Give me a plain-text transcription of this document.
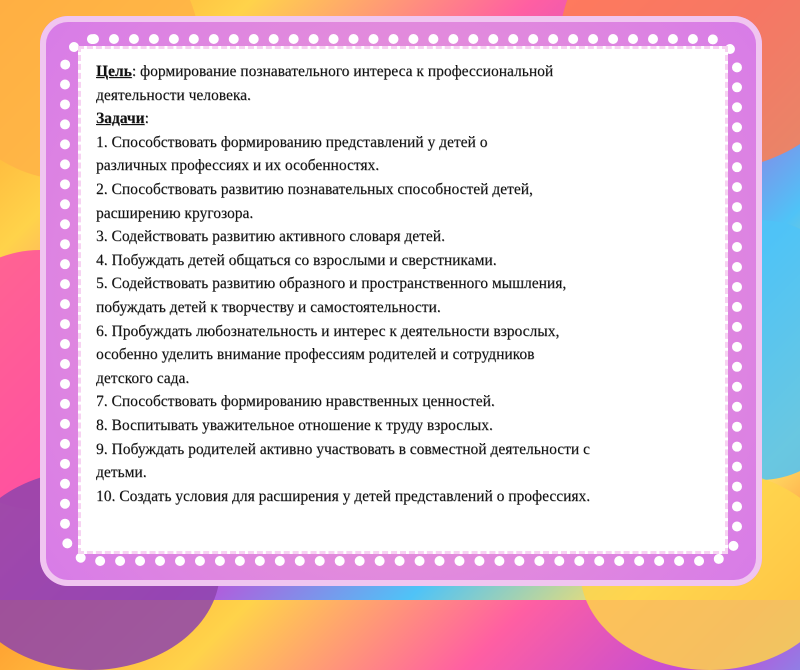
Цель: формирование познавательного интереса к профессиональной
деятельности человека.

Задачи:

1. Способствовать формированию представлений у детей о
различных профессиях и их особенностях.

2. Способствовать развитию познавательных способностей детей,
расширению кругозора.

3. Содействовать развитию активного словаря детей.

4. Побуждать детей общаться со взрослыми и сверстниками.

5. Содействовать развитию образного и пространственного мышления,
побуждать детей к творчеству и самостоятельности.

6. Пробуждать любознательность и интерес к деятельности взрослых,
особенно уделить внимание профессиям родителей и сотрудников
детского сада.

7. Способствовать формированию нравственных ценностей.

8. Воспитывать уважительное отношение к труду взрослых.

9. Побуждать родителей активно участвовать в совместной деятельности с
детьми.

10. Создать условия для расширения у детей представлений о профессиях.
